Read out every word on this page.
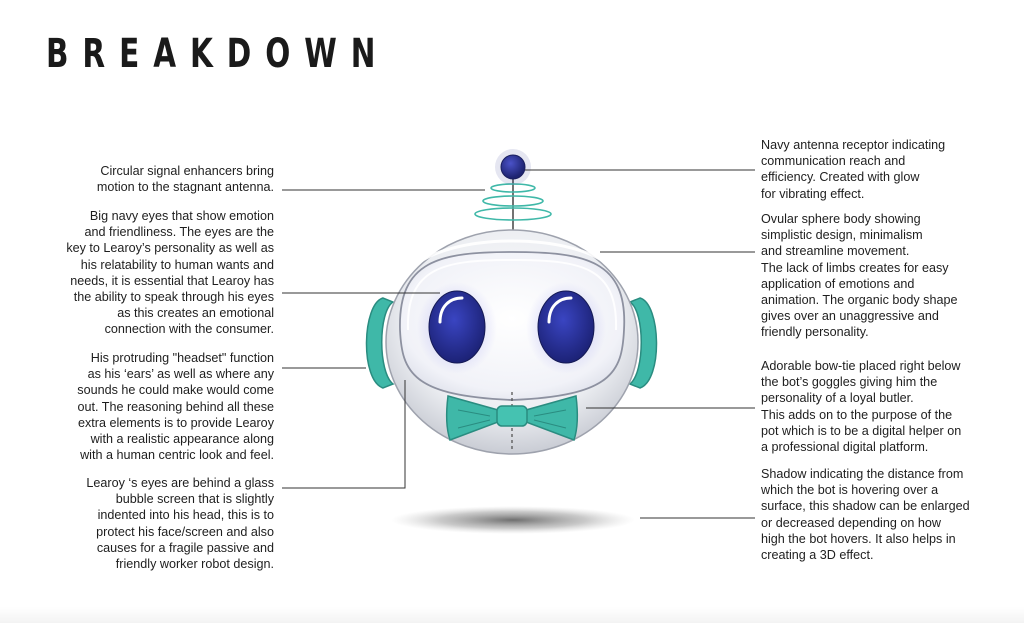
BREAKDOWN
Circular signal enhancers bring
motion to the stagnant antenna.
Big navy eyes that show emotion
and friendliness. The eyes are the
key to Learoy’s personality as well as
his relatability to human wants and
needs, it is essential that Learoy has
the ability to speak through his eyes
as this creates an emotional
connection with the consumer.
His protruding "headset" function
as his ‘ears’ as well as where any
sounds he could make would come
out. The reasoning behind all these
extra elements is to provide Learoy
with a realistic appearance along
with a human centric look and feel.
Learoy ‘s eyes are behind a glass
bubble screen that is slightly
indented into his head, this is to
protect his face/screen and also
causes for a fragile passive and
friendly worker robot design.
Navy antenna receptor indicating
communication reach and
efficiency. Created with glow
for vibrating effect.
Ovular sphere body showing
simplistic design, minimalism
and streamline movement.
The lack of limbs creates for easy
application of emotions and
animation. The organic body shape
gives over an unaggressive and
friendly personality.
Adorable bow-tie placed right below
the bot’s goggles giving him the
personality of a loyal butler.
This adds on to the purpose of the
pot which is to be a digital helper on
a professional digital platform.
Shadow indicating the distance from
which the bot is hovering over a
surface, this shadow can be enlarged
or decreased depending on how
high the bot hovers. It also helps in
creating a 3D effect.
